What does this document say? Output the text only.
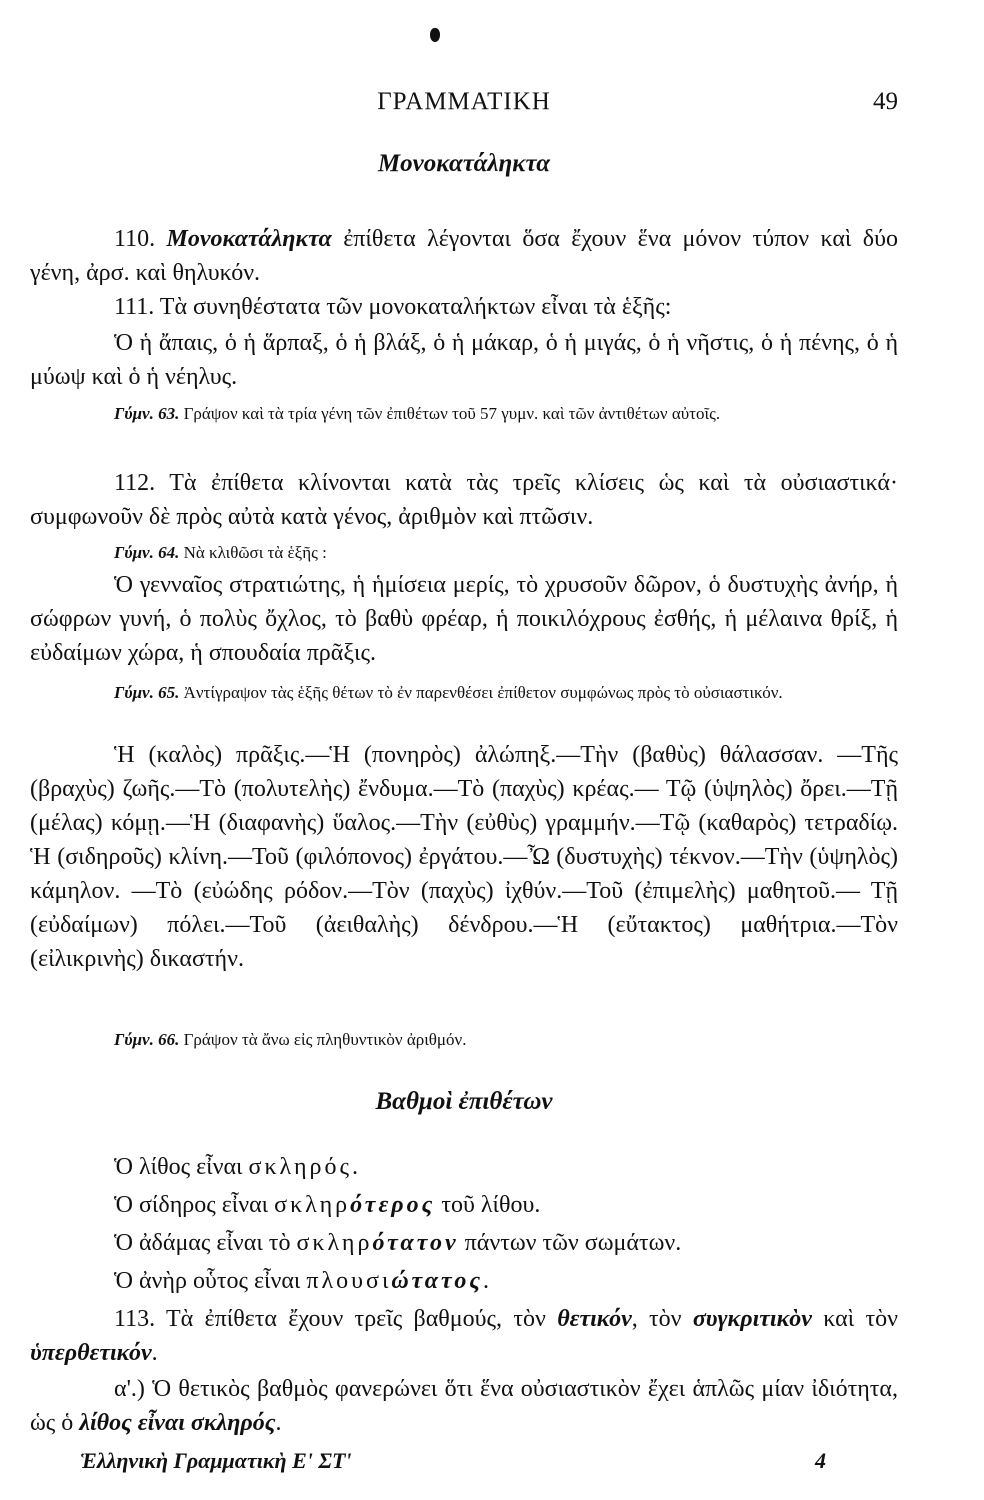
ΓΡΑΜΜΑΤΙΚΗ	49
Μονοκατάληκτα
110. Μονοκατάληκτα ἐπίθετα λέγονται ὅσα ἔχουν ἕνα μόνον τύπον καὶ δύο γένη, ἀρσ. καὶ θηλυκόν.
111. Τὰ συνηθέστατα τῶν μονοκαταλήκτων εἶναι τὰ ἑξῆς:
Ὁ ἡ ἄπαις, ὁ ἡ ἅρπαξ, ὁ ἡ βλάξ, ὁ ἡ μάκαρ, ὁ ἡ μιγάς, ὁ ἡ νῆστις, ὁ ἡ πένης, ὁ ἡ μύωψ καὶ ὁ ἡ νέηλυς.
Γύμν. 63. Γράψον καὶ τὰ τρία γένη τῶν ἐπιθέτων τοῦ 57 γυμν. καὶ τῶν ἀντιθέτων αὐτοῖς.
112. Τὰ ἐπίθετα κλίνονται κατὰ τὰς τρεῖς κλίσεις ὡς καὶ τὰ οὐσιαστικά· συμφωνοῦν δὲ πρὸς αὐτὰ κατὰ γένος, ἀριθμὸν καὶ πτῶσιν.
Γύμν. 64. Νὰ κλιθῶσι τὰ ἑξῆς :
Ὁ γενναῖος στρατιώτης, ἡ ἡμίσεια μερίς, τὸ χρυσοῦν δῶρον, ὁ δυστυχὴς ἀνήρ, ἡ σώφρων γυνή, ὁ πολὺς ὄχλος, τὸ βαθὺ φρέαρ, ἡ ποικιλόχρους ἐσθής, ἡ μέλαινα θρίξ, ἡ εὐδαίμων χώρα, ἡ σπουδαία πρᾶξις.
Γύμν. 65. Ἀντίγραψον τὰς ἑξῆς θέτων τὸ ἐν παρενθέσει ἐπίθετον συμφώνως πρὸς τὸ οὐσιαστικόν.
Ἡ (καλὸς) πρᾶξις.—Ἡ (πονηρὸς) ἀλώπηξ.—Τὴν (βαθὺς) θάλασσαν. —Τῆς (βραχὺς) ζωῆς.—Τὸ (πολυτελὴς) ἔνδυμα.—Τὸ (παχὺς) κρέας.— Τῷ (ὑψηλὸς) ὄρει.—Τῇ (μέλας) κόμῃ.—Ἡ (διαφανὴς) ὕαλος.—Τὴν (εὐθὺς) γραμμήν.—Τῷ (καθαρὸς) τετραδίῳ. Ἡ (σιδηροῦς) κλίνη.—Τοῦ (φιλόπονος) ἐργάτου.—Ὦ (δυστυχὴς) τέκνον.—Τὴν (ὑψηλὸς) κάμηλον. —Τὸ (εὐώδης ρόδον.—Τὸν (παχὺς) ἰχθύν.—Τοῦ (ἐπιμελὴς) μαθητοῦ.— Τῇ (εὐδαίμων) πόλει.—Τοῦ (ἀειθαλὴς) δένδρου.—Ἡ (εὔτακτος) μαθήτρια.—Τὸν (εἰλικρινὴς) δικαστήν.
Γύμν. 66. Γράψον τὰ ἄνω εἰς πληθυντικὸν ἀριθμόν.
Βαθμοὶ ἐπιθέτων
Ὁ λίθος εἶναι σκληρός.
Ὁ σίδηρος εἶναι σκληρότερος τοῦ λίθου.
Ὁ ἀδάμας εἶναι τὸ σκληρότατον πάντων τῶν σωμάτων.
Ὁ ἀνὴρ οὗτος εἶναι πλουσιώτατος.
113. Τὰ ἐπίθετα ἔχουν τρεῖς βαθμούς, τὸν θετικόν, τὸν συγκριτικὸν καὶ τὸν ὑπερθετικόν.
α'.) Ὁ θετικὸς βαθμὸς φανερώνει ὅτι ἕνα οὐσιαστικὸν ἔχει ἁπλῶς μίαν ἰδιότητα, ὡς ὁ λίθος εἶναι σκληρός.
Ἑλληνικὴ Γραμματικὴ Ε' ΣΤ'	4
